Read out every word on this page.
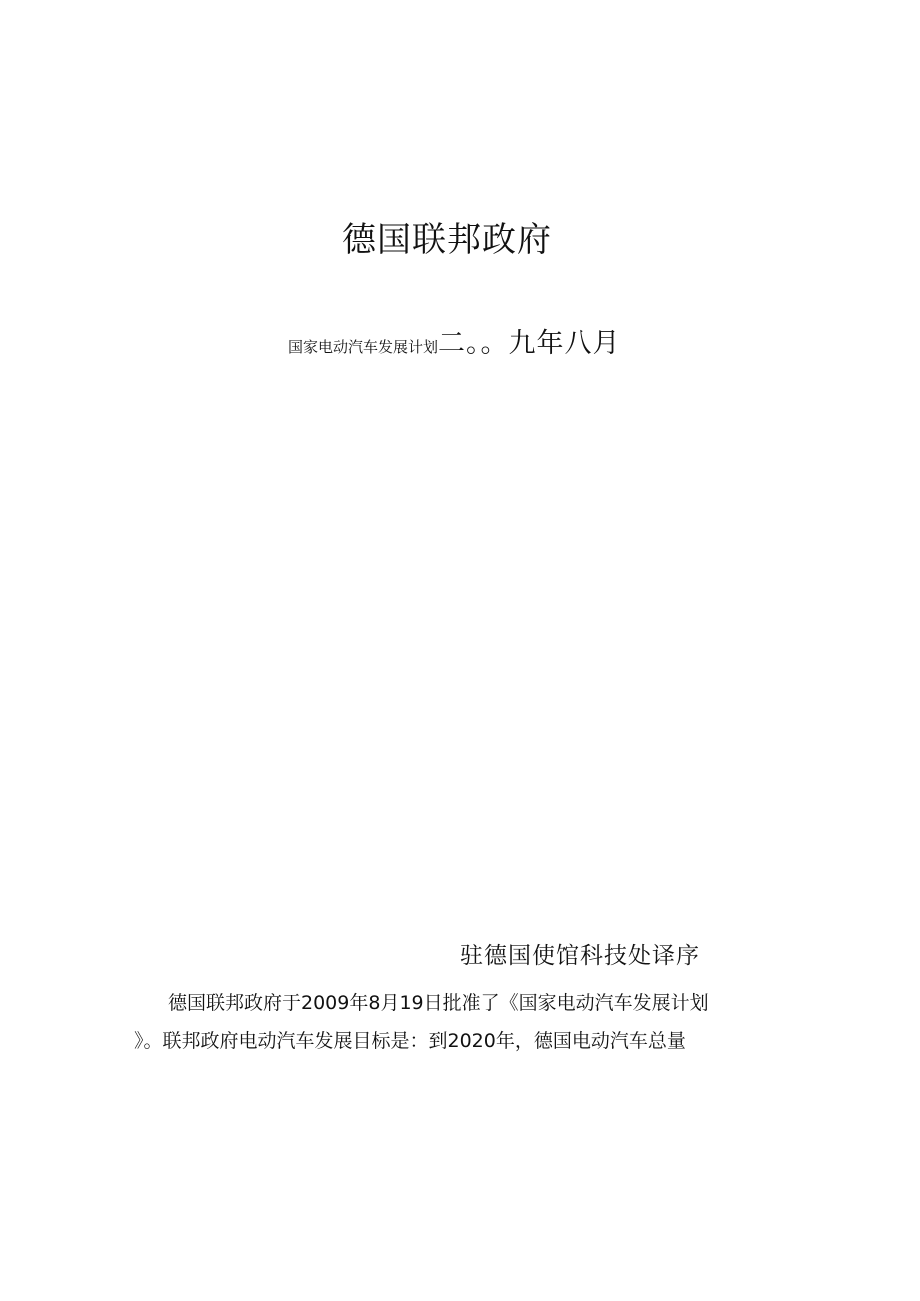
德国联邦政府
国家电动汽车发展计划 二。。九年八月
驻德国使馆科技处译序

德国联邦政府于2009年8月19日批准了《国家电动汽车发展计划
》。联邦政府电动汽车发展目标是：到2020年，德国电动汽车总量
